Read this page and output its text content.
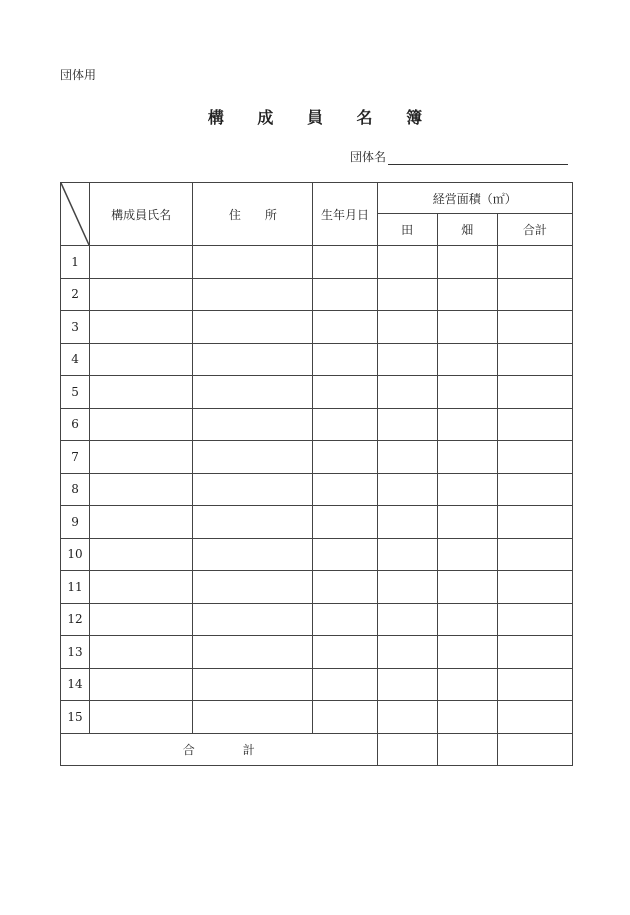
団体用
構 成 員 名 簿
団体名
	構成員氏名	住　　所	生年月日	経営面積（㎡）		
				田	畑	合計
1						
2						
3						
4						
5						
6						
7						
8						
9						
10						
11						
12						
13						
14						
15						
合　　　　計						
